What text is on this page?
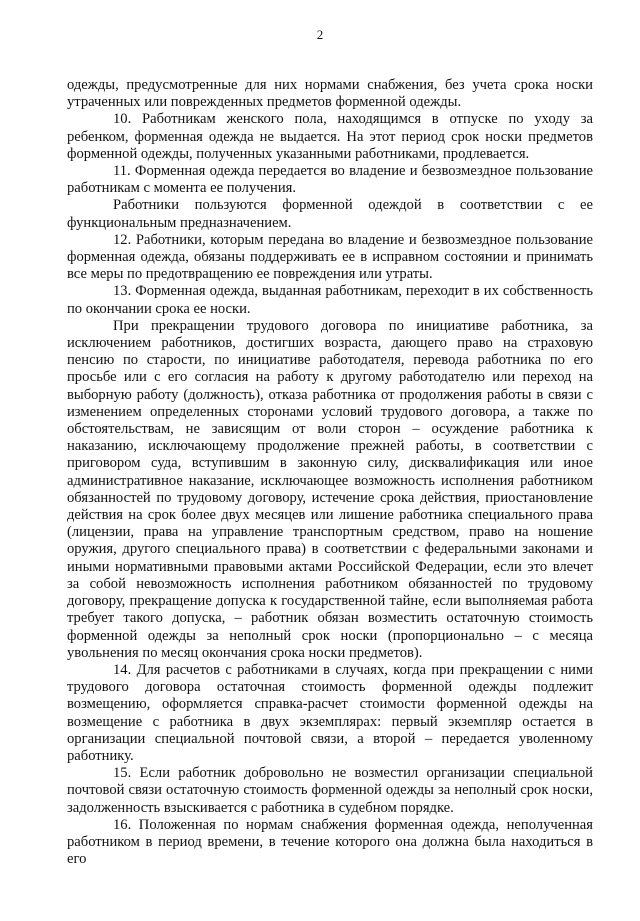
2

одежды, предусмотренные для них нормами снабжения, без учета срока носки утраченных или поврежденных предметов форменной одежды.

10. Работникам женского пола, находящимся в отпуске по уходу за ребенком, форменная одежда не выдается. На этот период срок носки предметов форменной одежды, полученных указанными работниками, продлевается.

11. Форменная одежда передается во владение и безвозмездное пользование работникам с момента ее получения.

Работники пользуются форменной одеждой в соответствии с ее функциональным предназначением.

12. Работники, которым передана во владение и безвозмездное пользование форменная одежда, обязаны поддерживать ее в исправном состоянии и принимать все меры по предотвращению ее повреждения или утраты.

13. Форменная одежда, выданная работникам, переходит в их собственность по окончании срока ее носки.

При прекращении трудового договора по инициативе работника, за исключением работников, достигших возраста, дающего право на страховую пенсию по старости, по инициативе работодателя, перевода работника по его просьбе или с его согласия на работу к другому работодателю или переход на выборную работу (должность), отказа работника от продолжения работы в связи с изменением определенных сторонами условий трудового договора, а также по обстоятельствам, не зависящим от воли сторон – осуждение работника к наказанию, исключающему продолжение прежней работы, в соответствии с приговором суда, вступившим в законную силу, дисквалификация или иное административное наказание, исключающее возможность исполнения работником обязанностей по трудовому договору, истечение срока действия, приостановление действия на срок более двух месяцев или лишение работника специального права (лицензии, права на управление транспортным средством, право на ношение оружия, другого специального права) в соответствии с федеральными законами и иными нормативными правовыми актами Российской Федерации, если это влечет за собой невозможность исполнения работником обязанностей по трудовому договору, прекращение допуска к государственной тайне, если выполняемая работа требует такого допуска, – работник обязан возместить остаточную стоимость форменной одежды за неполный срок носки (пропорционально – с месяца увольнения по месяц окончания срока носки предметов).

14. Для расчетов с работниками в случаях, когда при прекращении с ними трудового договора остаточная стоимость форменной одежды подлежит возмещению, оформляется справка-расчет стоимости форменной одежды на возмещение с работника в двух экземплярах: первый экземпляр остается в организации специальной почтовой связи, а второй – передается уволенному работнику.

15. Если работник добровольно не возместил организации специальной почтовой связи остаточную стоимость форменной одежды за неполный срок носки, задолженность взыскивается с работника в судебном порядке.

16. Положенная по нормам снабжения форменная одежда, неполученная работником в период времени, в течение которого она должна была находиться в его
